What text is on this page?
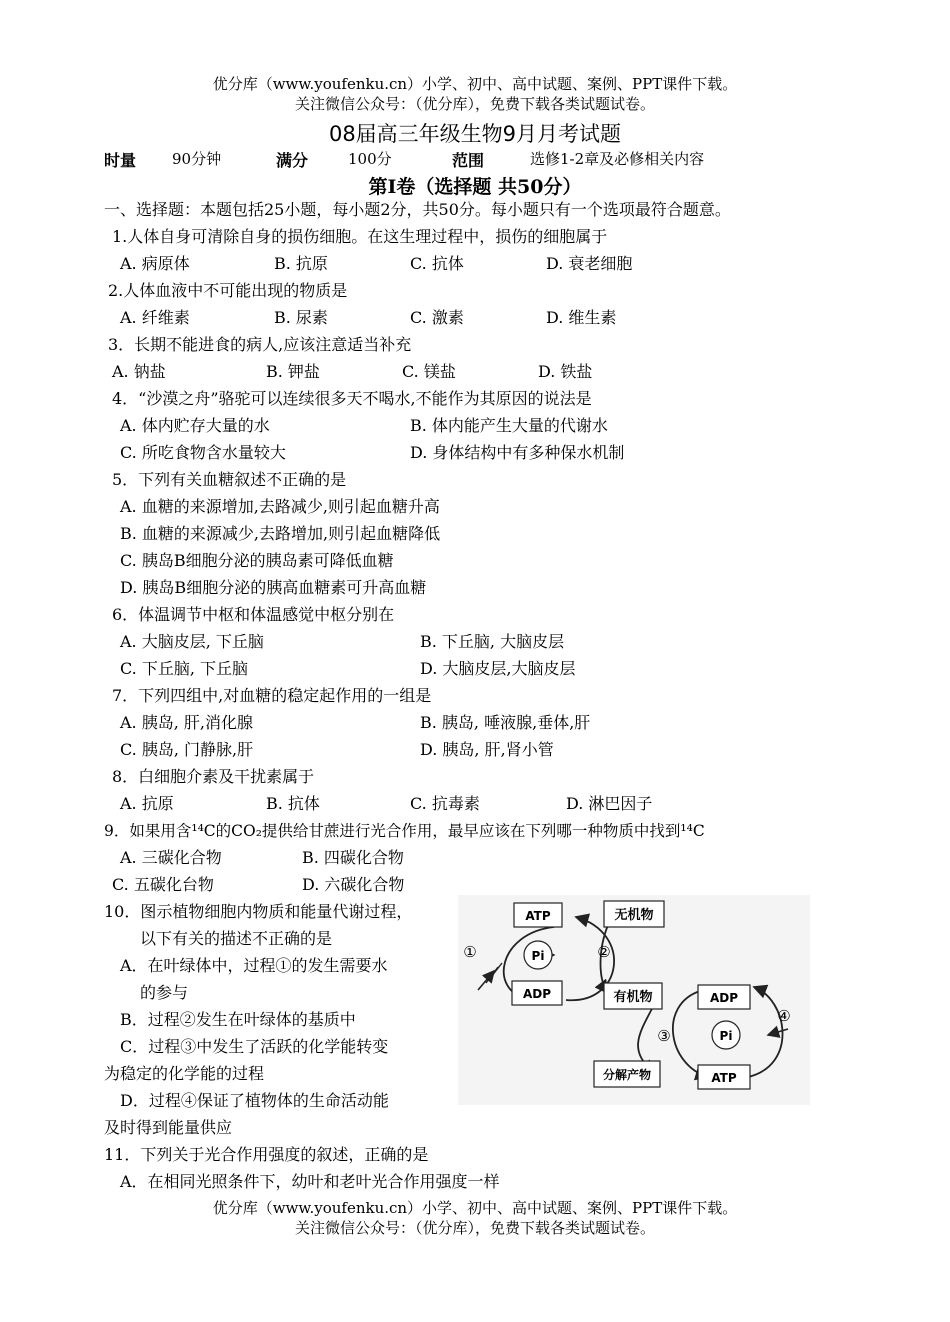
优分库（www.youfenku.cn）小学、初中、高中试题、案例、PPT课件下载。
关注微信公众号：（优分库），免费下载各类试题试卷。
08届高三年级生物9月月考试题
时量 90分钟	满分	100分	范围	选修1-2章及必修相关内容
第Ⅰ卷（选择题 共50分）
一、选择题：本题包括25小题，每小题2分，共50分。每小题只有一个选项最符合题意。
1.人体自身可清除自身的损伤细胞。在这生理过程中，损伤的细胞属于
A. 病原体	B. 抗原	C. 抗体	D. 衰老细胞
2.人体血液中不可能出现的物质是
A. 纤维素	B. 尿素	C. 激素	D. 维生素
3．长期不能进食的病人,应该注意适当补充
A. 钠盐	B. 钾盐	C. 镁盐	D. 铁盐
4．“沙漠之舟”骆驼可以连续很多天不喝水,不能作为其原因的说法是
A. 体内贮存大量的水	B. 体内能产生大量的代谢水
C. 所吃食物含水量较大	D. 身体结构中有多种保水机制
5．下列有关血糖叙述不正确的是
A. 血糖的来源增加,去路减少,则引起血糖升高
B. 血糖的来源减少,去路增加,则引起血糖降低
C. 胰岛B细胞分泌的胰岛素可降低血糖
D. 胰岛B细胞分泌的胰高血糖素可升高血糖
6．体温调节中枢和体温感觉中枢分别在
A. 大脑皮层, 下丘脑	B. 下丘脑, 大脑皮层
C. 下丘脑, 下丘脑	D. 大脑皮层,大脑皮层
7．下列四组中,对血糖的稳定起作用的一组是
A. 胰岛, 肝,消化腺	B. 胰岛, 唾液腺,垂体,肝
C. 胰岛, 门静脉,肝	D. 胰岛, 肝,肾小管
8．白细胞介素及干扰素属于
A. 抗原	B. 抗体	C. 抗毒素	D. 淋巴因子
9．如果用含¹⁴C的CO₂提供给甘蔗进行光合作用，最早应该在下列哪一种物质中找到¹⁴C
A. 三碳化合物	B. 四碳化合物
C. 五碳化台物	D. 六碳化合物
10．图示植物细胞内物质和能量代谢过程，
以下有关的描述不正确的是
A．在叶绿体中，过程①的发生需要水
的参与
B．过程②发生在叶绿体的基质中
C．过程③中发生了活跃的化学能转变
为稳定的化学能的过程
D．过程④保证了植物体的生命活动能
及时得到能量供应
11．下列关于光合作用强度的叙述，正确的是
A．在相同光照条件下，幼叶和老叶光合作用强度一样
ATP
ADP
Pi
无机物
有机物	ADP
Pi
ATP
分解产物
①	②
③
④
优分库（www.youfenku.cn）小学、初中、高中试题、案例、PPT课件下载。
关注微信公众号：（优分库），免费下载各类试题试卷。
